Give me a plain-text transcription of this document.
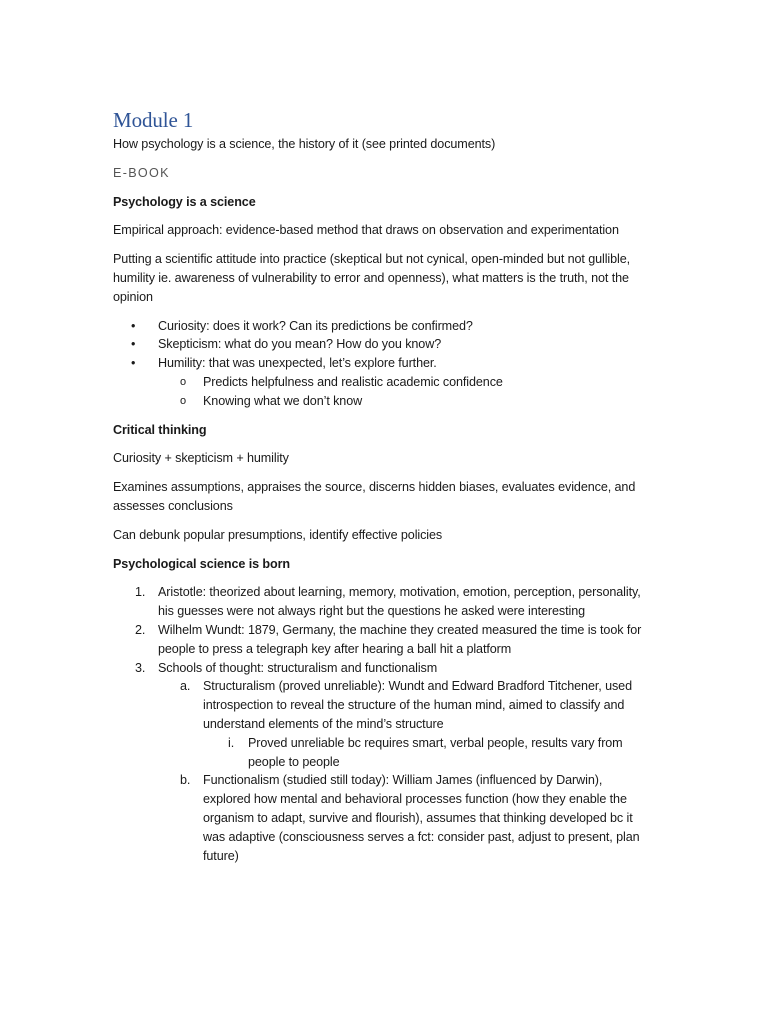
Module 1

How psychology is a science, the history of it (see printed documents)

E-BOOK

Psychology is a science

Empirical approach: evidence-based method that draws on observation and experimentation

Putting a scientific attitude into practice (skeptical but not cynical, open-minded but not gullible, humility ie. awareness of vulnerability to error and openness), what matters is the truth, not the opinion

• Curiosity: does it work? Can its predictions be confirmed?
• Skepticism: what do you mean? How do you know?
• Humility: that was unexpected, let’s explore further.
o Predicts helpfulness and realistic academic confidence
o Knowing what we don’t know

Critical thinking

Curiosity + skepticism + humility

Examines assumptions, appraises the source, discerns hidden biases, evaluates evidence, and assesses conclusions

Can debunk popular presumptions, identify effective policies

Psychological science is born

1. Aristotle: theorized about learning, memory, motivation, emotion, perception, personality, his guesses were not always right but the questions he asked were interesting
2. Wilhelm Wundt: 1879, Germany, the machine they created measured the time is took for people to press a telegraph key after hearing a ball hit a platform
3. Schools of thought: structuralism and functionalism
a. Structuralism (proved unreliable): Wundt and Edward Bradford Titchener, used introspection to reveal the structure of the human mind, aimed to classify and understand elements of the mind’s structure
i. Proved unreliable bc requires smart, verbal people, results vary from people to people
b. Functionalism (studied still today): William James (influenced by Darwin), explored how mental and behavioral processes function (how they enable the organism to adapt, survive and flourish), assumes that thinking developed bc it was adaptive (consciousness serves a fct: consider past, adjust to present, plan future)
